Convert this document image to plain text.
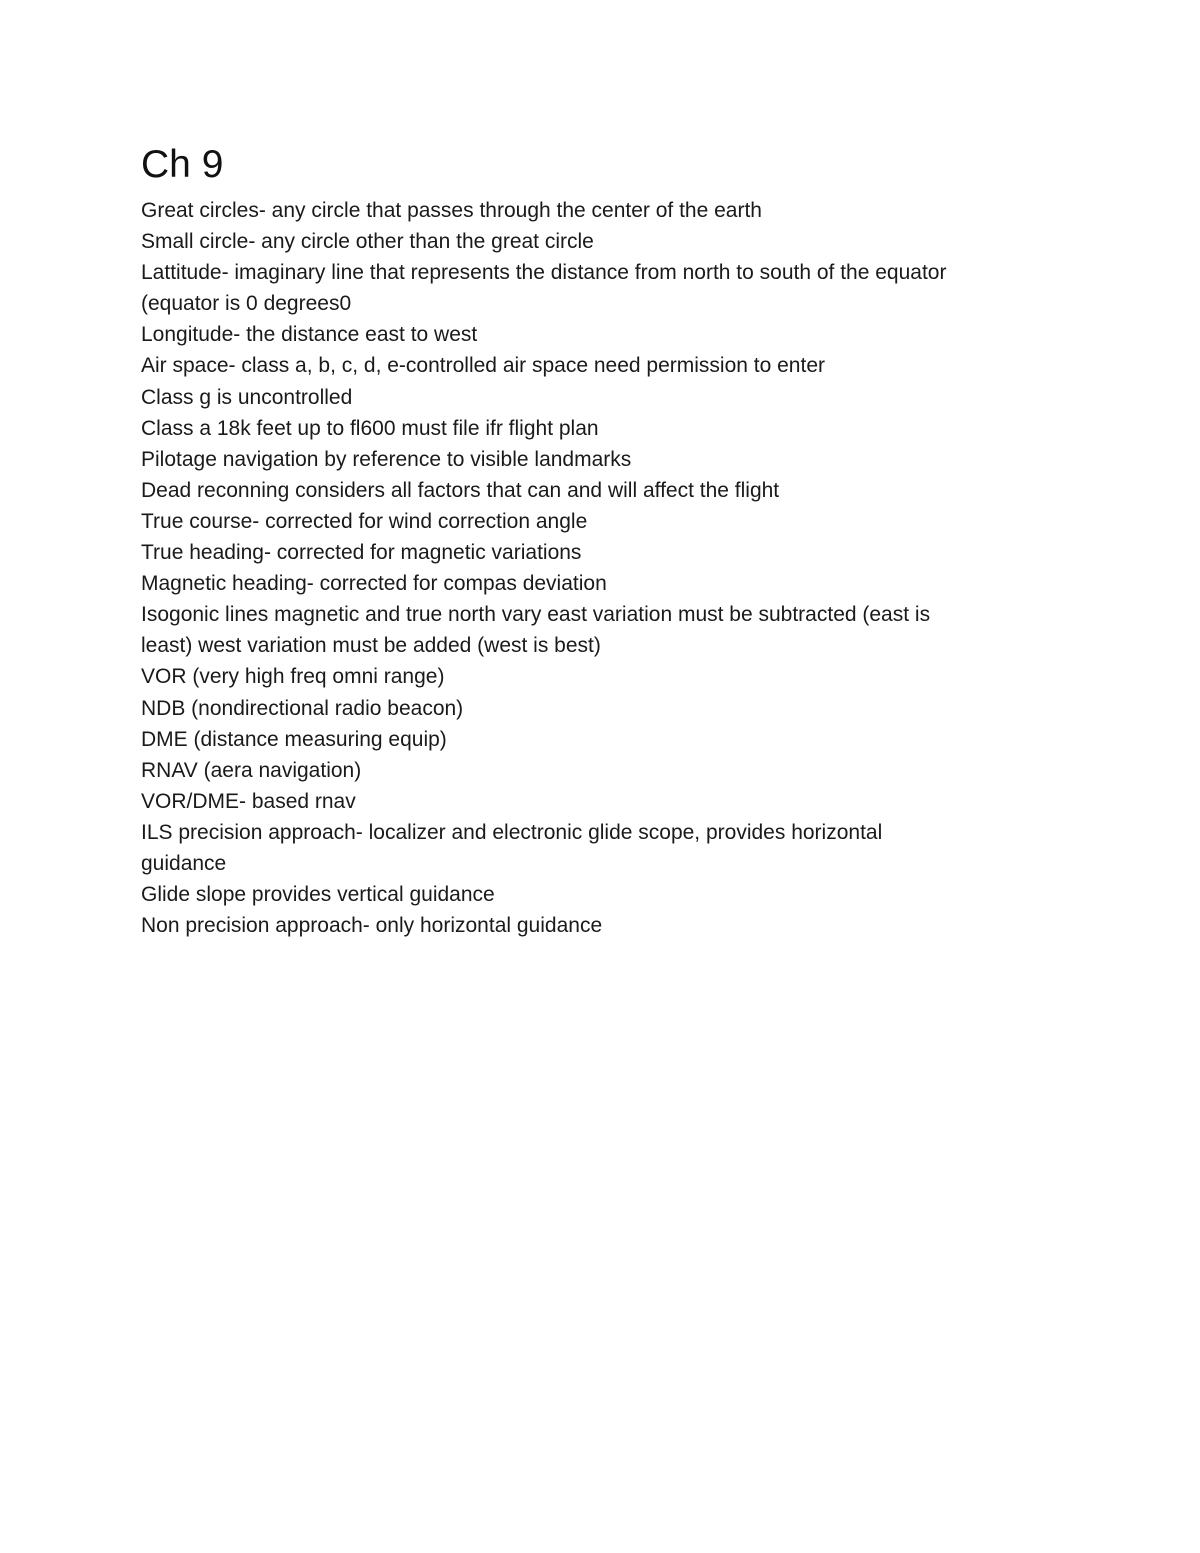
Ch 9
Great circles- any circle that passes through the center of the earth
Small circle- any circle other than the great circle
Lattitude- imaginary line that represents the distance from north to south of the equator
(equator is 0 degrees0
Longitude- the distance east to west
Air space- class a, b, c, d, e-controlled air space need permission to enter
Class g is uncontrolled
Class a 18k feet up to fl600 must file ifr flight plan
Pilotage navigation by reference to visible landmarks
Dead reconning considers all factors that can and will affect the flight
True course- corrected for wind correction angle
True heading- corrected for magnetic variations
Magnetic heading- corrected for compas deviation
Isogonic lines magnetic and true north vary east variation must be subtracted (east is
least) west variation must be added (west is best)
VOR (very high freq omni range)
NDB (nondirectional radio beacon)
DME (distance measuring equip)
RNAV (aera navigation)
VOR/DME- based rnav
ILS precision approach- localizer and electronic glide scope, provides horizontal
guidance
Glide slope provides vertical guidance
Non precision approach- only horizontal guidance
